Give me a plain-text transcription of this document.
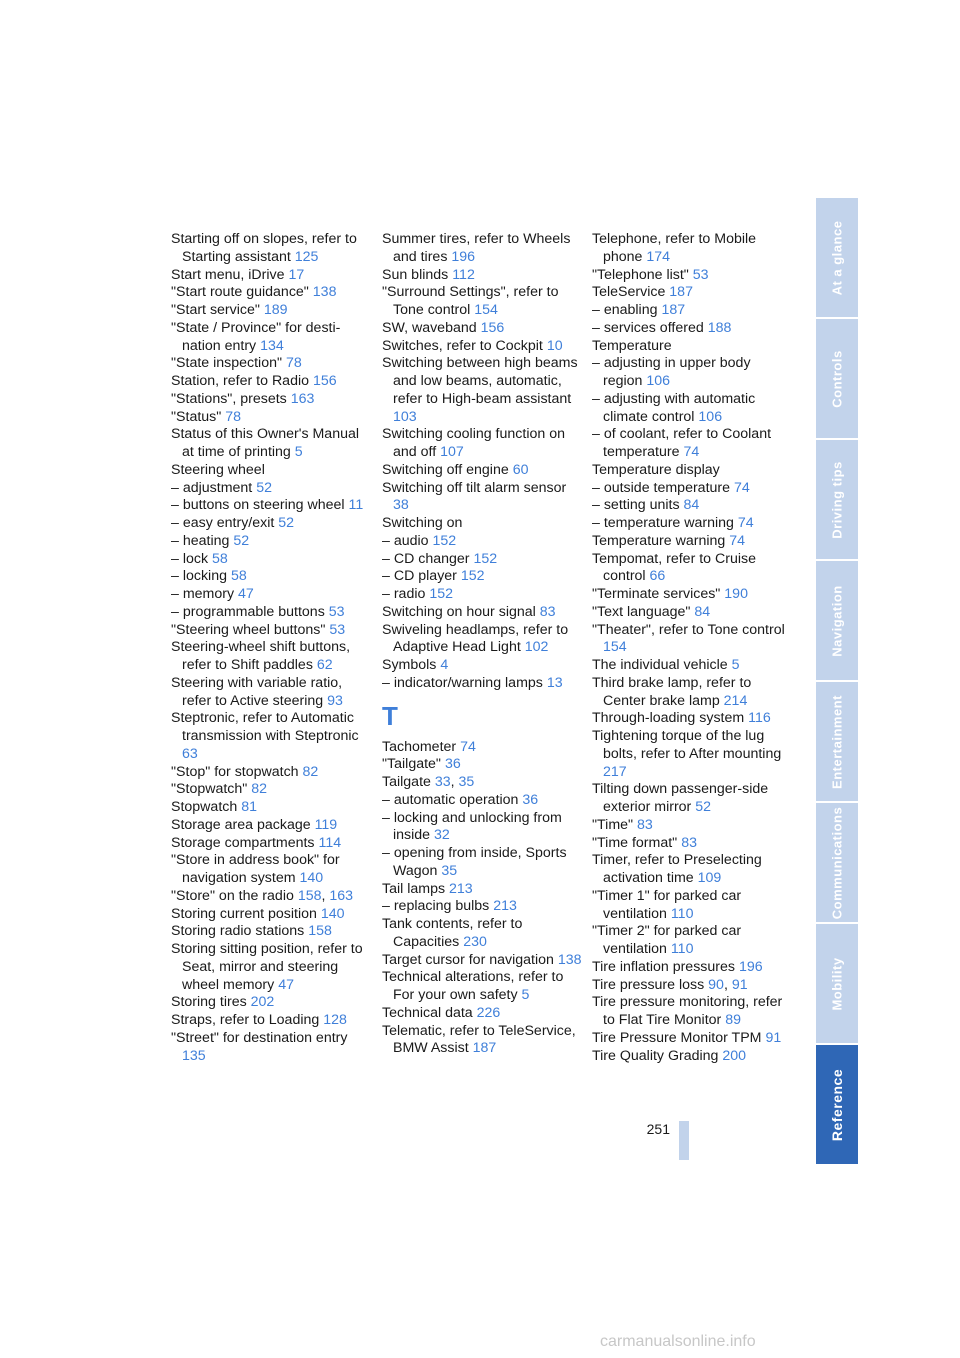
Starting off on slopes, refer to Starting assistant 125
Start menu, iDrive 17
"Start route guidance" 138
"Start service" 189
"State / Province" for desti-nation entry 134
"State inspection" 78
Station, refer to Radio 156
"Stations", presets 163
"Status" 78
Status of this Owner's Manual at time of printing 5
Steering wheel
– adjustment 52
– buttons on steering wheel 11
– easy entry/exit 52
– heating 52
– lock 58
– locking 58
– memory 47
– programmable buttons 53
"Steering wheel buttons" 53
Steering-wheel shift buttons, refer to Shift paddles 62
Steering with variable ratio, refer to Active steering 93
Steptronic, refer to Automatic transmission with Steptronic 63
"Stop" for stopwatch 82
"Stopwatch" 82
Stopwatch 81
Storage area package 119
Storage compartments 114
"Store in address book" for navigation system 140
"Store" on the radio 158, 163
Storing current position 140
Storing radio stations 158
Storing sitting position, refer to Seat, mirror and steering wheel memory 47
Storing tires 202
Straps, refer to Loading 128
"Street" for destination entry 135
Summer tires, refer to Wheels and tires 196
Sun blinds 112
"Surround Settings", refer to Tone control 154
SW, waveband 156
Switches, refer to Cockpit 10
Switching between high beams and low beams, automatic, refer to High-beam assistant 103
Switching cooling function on and off 107
Switching off engine 60
Switching off tilt alarm sensor 38
Switching on
– audio 152
– CD changer 152
– CD player 152
– radio 152
Switching on hour signal 83
Swiveling headlamps, refer to Adaptive Head Light 102
Symbols 4
– indicator/warning lamps 13
T
Tachometer 74
"Tailgate" 36
Tailgate 33, 35
– automatic operation 36
– locking and unlocking from inside 32
– opening from inside, Sports Wagon 35
Tail lamps 213
– replacing bulbs 213
Tank contents, refer to Capacities 230
Target cursor for navigation 138
Technical alterations, refer to For your own safety 5
Technical data 226
Telematic, refer to TeleService, BMW Assist 187
Telephone, refer to Mobile phone 174
"Telephone list" 53
TeleService 187
– enabling 187
– services offered 188
Temperature
– adjusting in upper body region 106
– adjusting with automatic climate control 106
– of coolant, refer to Coolant temperature 74
Temperature display
– outside temperature 74
– setting units 84
– temperature warning 74
Temperature warning 74
Tempomat, refer to Cruise control 66
"Terminate services" 190
"Text language" 84
"Theater", refer to Tone control 154
The individual vehicle 5
Third brake lamp, refer to Center brake lamp 214
Through-loading system 116
Tightening torque of the lug bolts, refer to After mounting 217
Tilting down passenger-side exterior mirror 52
"Time" 83
"Time format" 83
Timer, refer to Preselecting activation time 109
"Timer 1" for parked car ventilation 110
"Timer 2" for parked car ventilation 110
Tire inflation pressures 196
Tire pressure loss 90, 91
Tire pressure monitoring, refer to Flat Tire Monitor 89
Tire Pressure Monitor TPM 91
Tire Quality Grading 200
At a glance
Controls
Driving tips
Navigation
Entertainment
Communications
Mobility
Reference
251
carmanualsonline.info
